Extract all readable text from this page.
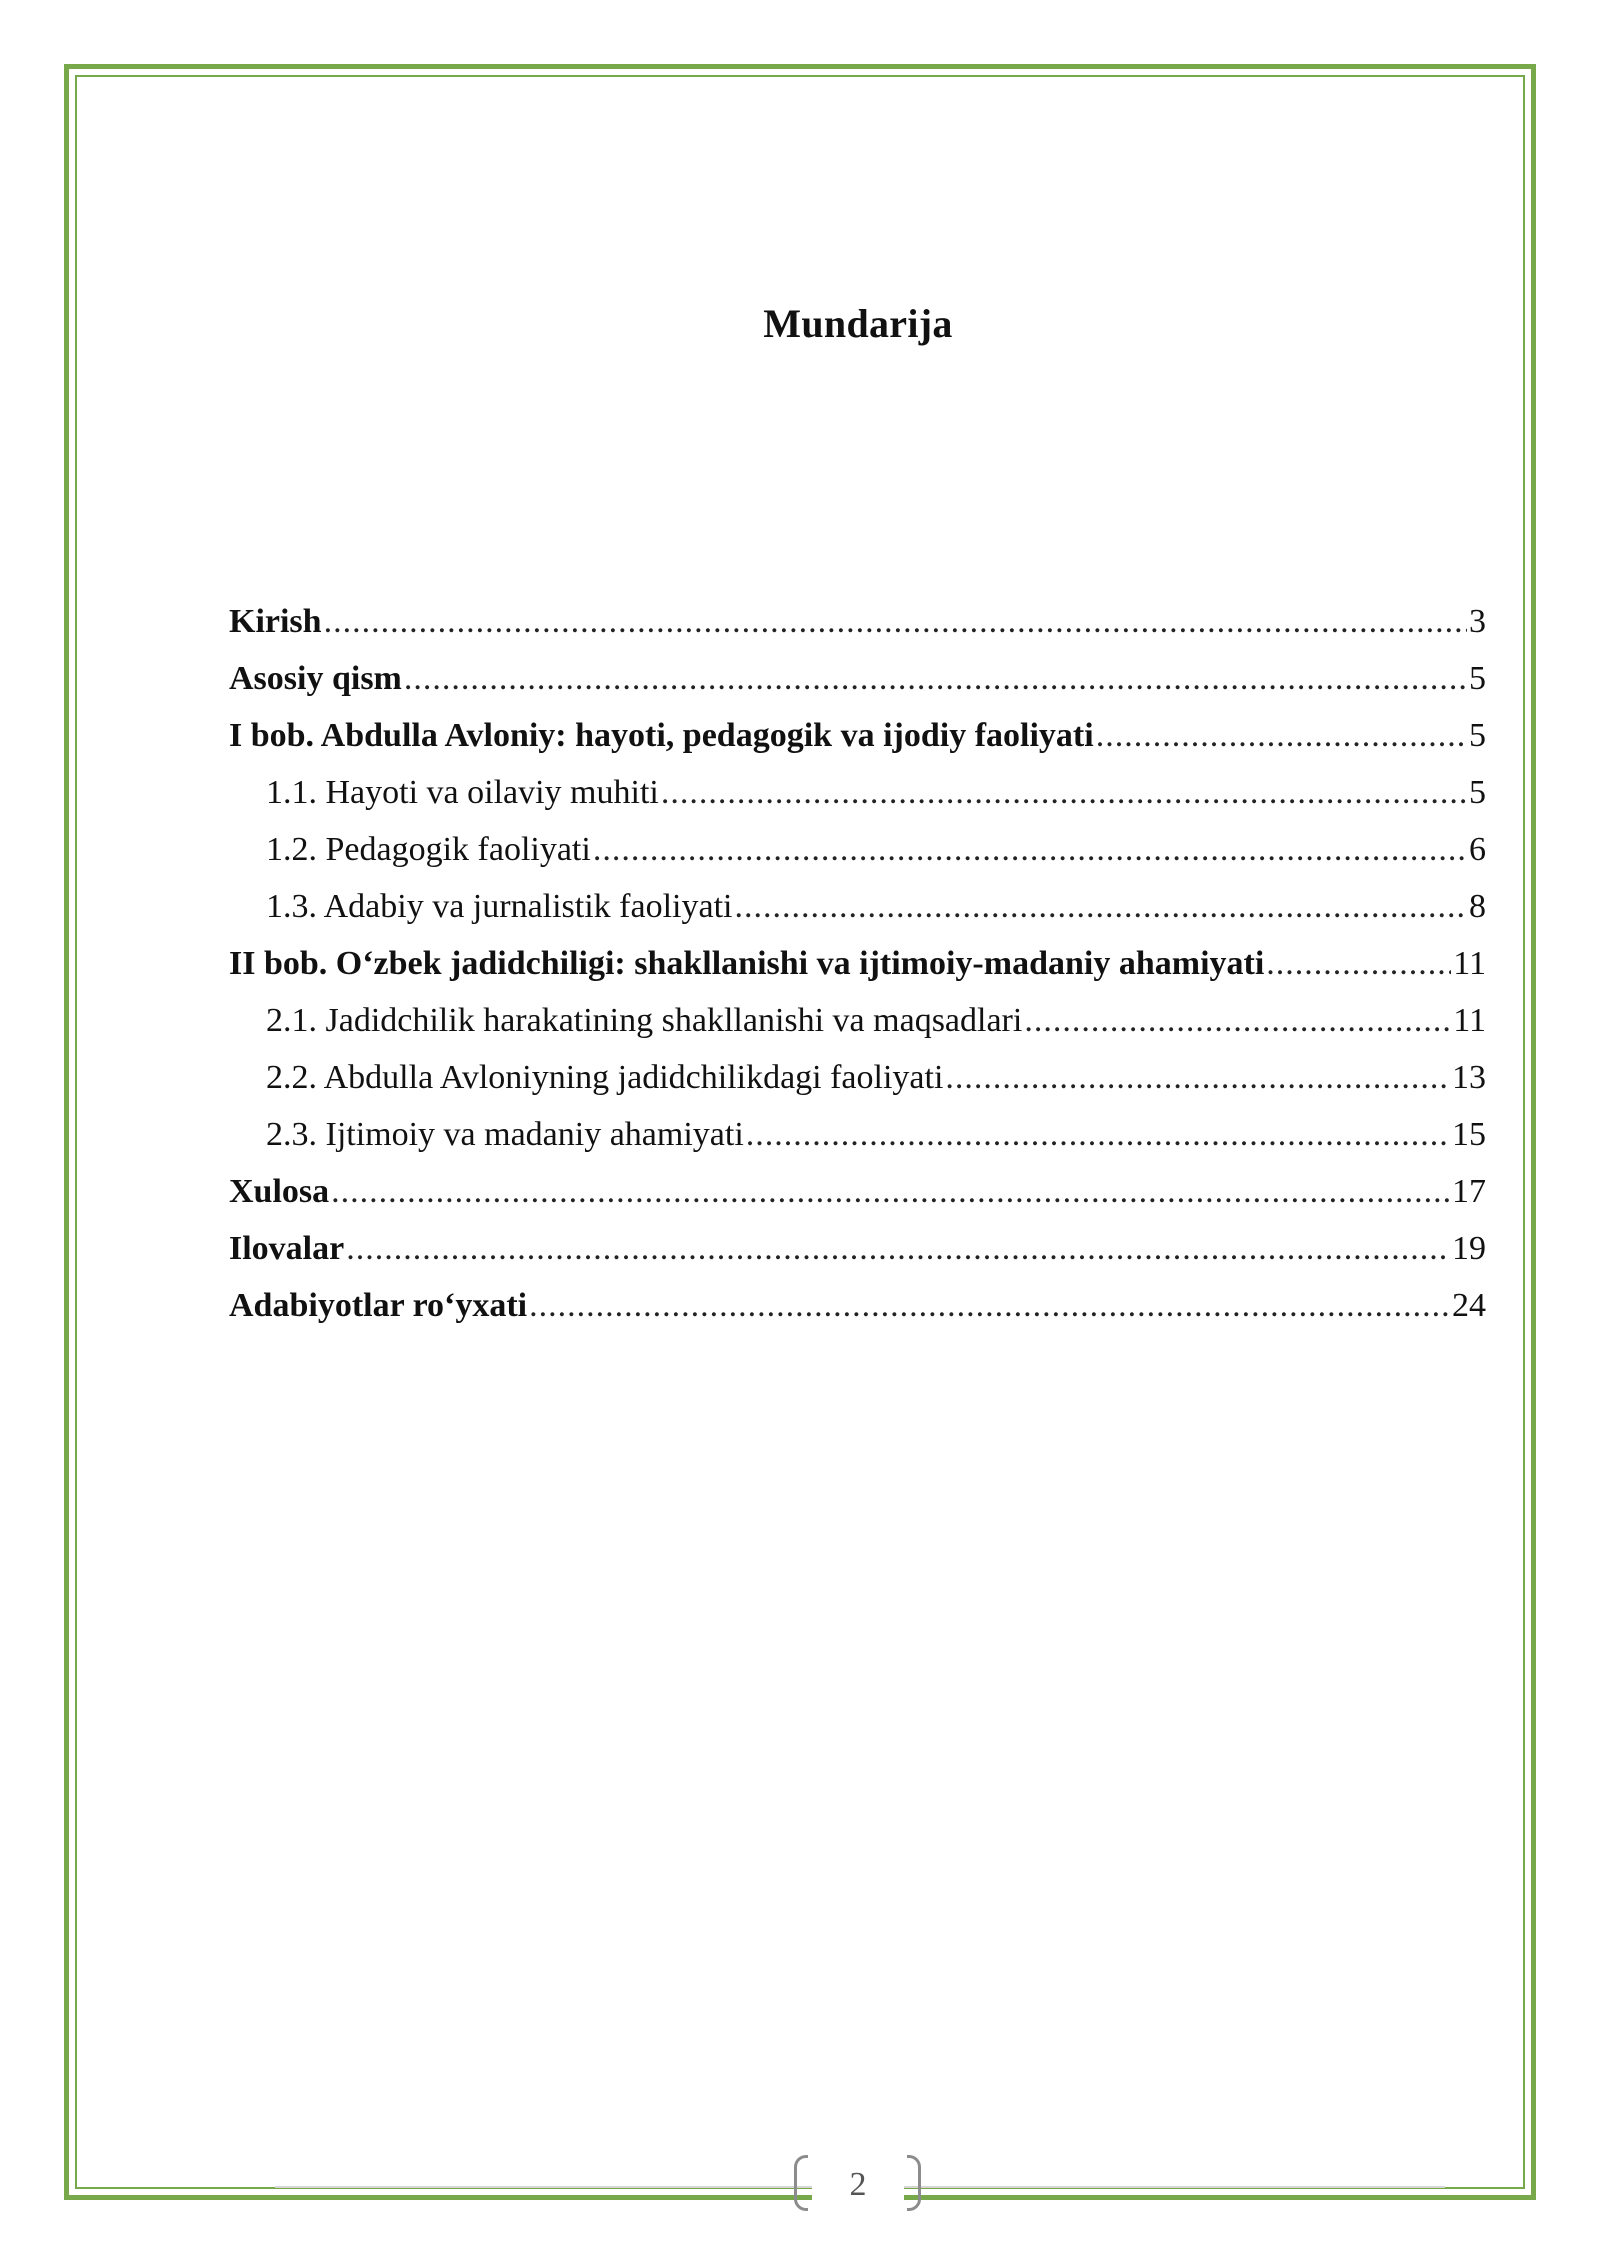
Mundarija
Kirish .....	3
Asosiy qism .....	5
I bob. Abdulla Avloniy: hayoti, pedagogik va ijodiy faoliyati .....	5
1.1. Hayoti va oilaviy muhiti .....	5
1.2. Pedagogik faoliyati .....	6
1.3. Adabiy va jurnalistik faoliyati .....	8
II bob. O‘zbek jadidchiligi: shakllanishi va ijtimoiy-madaniy ahamiyati .....	11
2.1. Jadidchilik harakatining shakllanishi va maqsadlari .....	11
2.2. Abdulla Avloniyning jadidchilikdagi faoliyati .....	13
2.3. Ijtimoiy va madaniy ahamiyati .....	15
Xulosa .....	17
Ilovalar .....	19
Adabiyotlar ro‘yxati .....	24
2
